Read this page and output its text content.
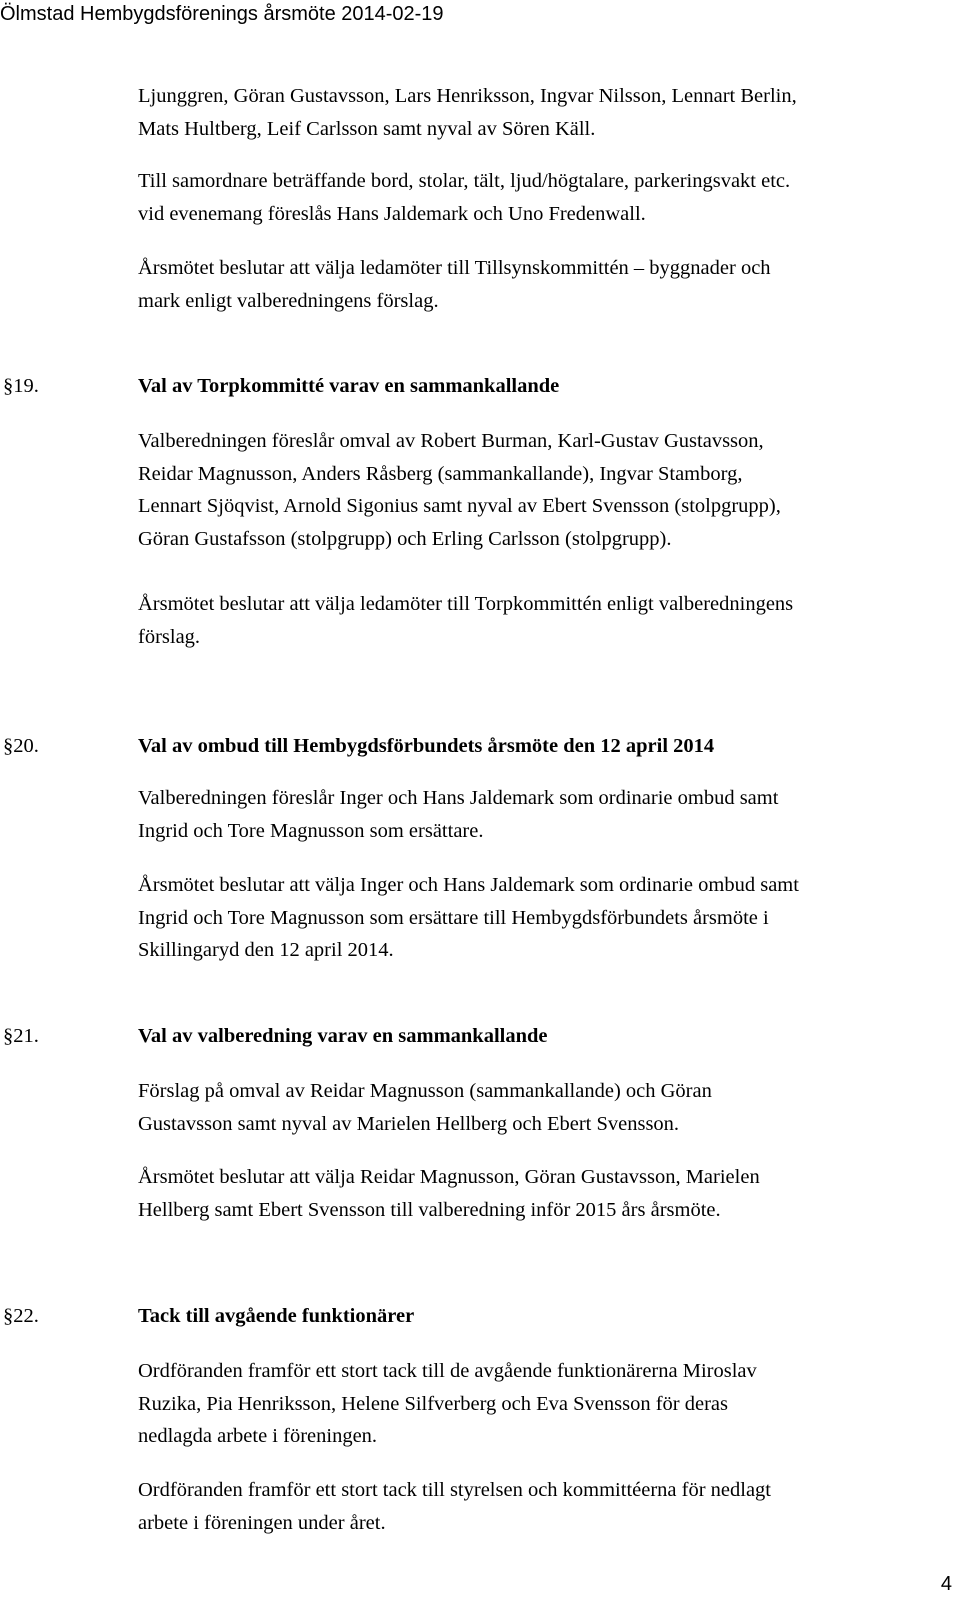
Ölmstad Hembygdsförenings årsmöte 2014-02-19

Ljunggren, Göran Gustavsson, Lars Henriksson, Ingvar Nilsson, Lennart Berlin,
Mats Hultberg, Leif Carlsson samt nyval av Sören Käll.

Till samordnare beträffande bord, stolar, tält, ljud/högtalare, parkeringsvakt etc.
vid evenemang föreslås Hans Jaldemark och Uno Fredenwall.

Årsmötet beslutar att välja ledamöter till Tillsynskommittén – byggnader och
mark enligt valberedningens förslag.

§19.	Val av Torpkommitté varav en sammankallande

Valberedningen föreslår omval av Robert Burman, Karl-Gustav Gustavsson,
Reidar Magnusson, Anders Råsberg (sammankallande), Ingvar Stamborg,
Lennart Sjöqvist, Arnold Sigonius samt nyval av Ebert Svensson (stolpgrupp),
Göran Gustafsson (stolpgrupp) och Erling Carlsson (stolpgrupp).

Årsmötet beslutar att välja ledamöter till Torpkommittén enligt valberedningens
förslag.

§20.	Val av ombud till Hembygdsförbundets årsmöte den 12 april 2014

Valberedningen föreslår Inger och Hans Jaldemark som ordinarie ombud samt
Ingrid och Tore Magnusson som ersättare.

Årsmötet beslutar att välja Inger och Hans Jaldemark som ordinarie ombud samt
Ingrid och Tore Magnusson som ersättare till Hembygdsförbundets årsmöte i
Skillingaryd den 12 april 2014.

§21.	Val av valberedning varav en sammankallande

Förslag på omval av Reidar Magnusson (sammankallande) och Göran
Gustavsson samt nyval av Marielen Hellberg och Ebert Svensson.

Årsmötet beslutar att välja Reidar Magnusson, Göran Gustavsson, Marielen
Hellberg samt Ebert Svensson till valberedning inför 2015 års årsmöte.

§22.	Tack till avgående funktionärer

Ordföranden framför ett stort tack till de avgående funktionärerna Miroslav
Ruzika, Pia Henriksson, Helene Silfverberg och Eva Svensson för deras
nedlagda arbete i föreningen.

Ordföranden framför ett stort tack till styrelsen och kommittéerna för nedlagt
arbete i föreningen under året.

4
